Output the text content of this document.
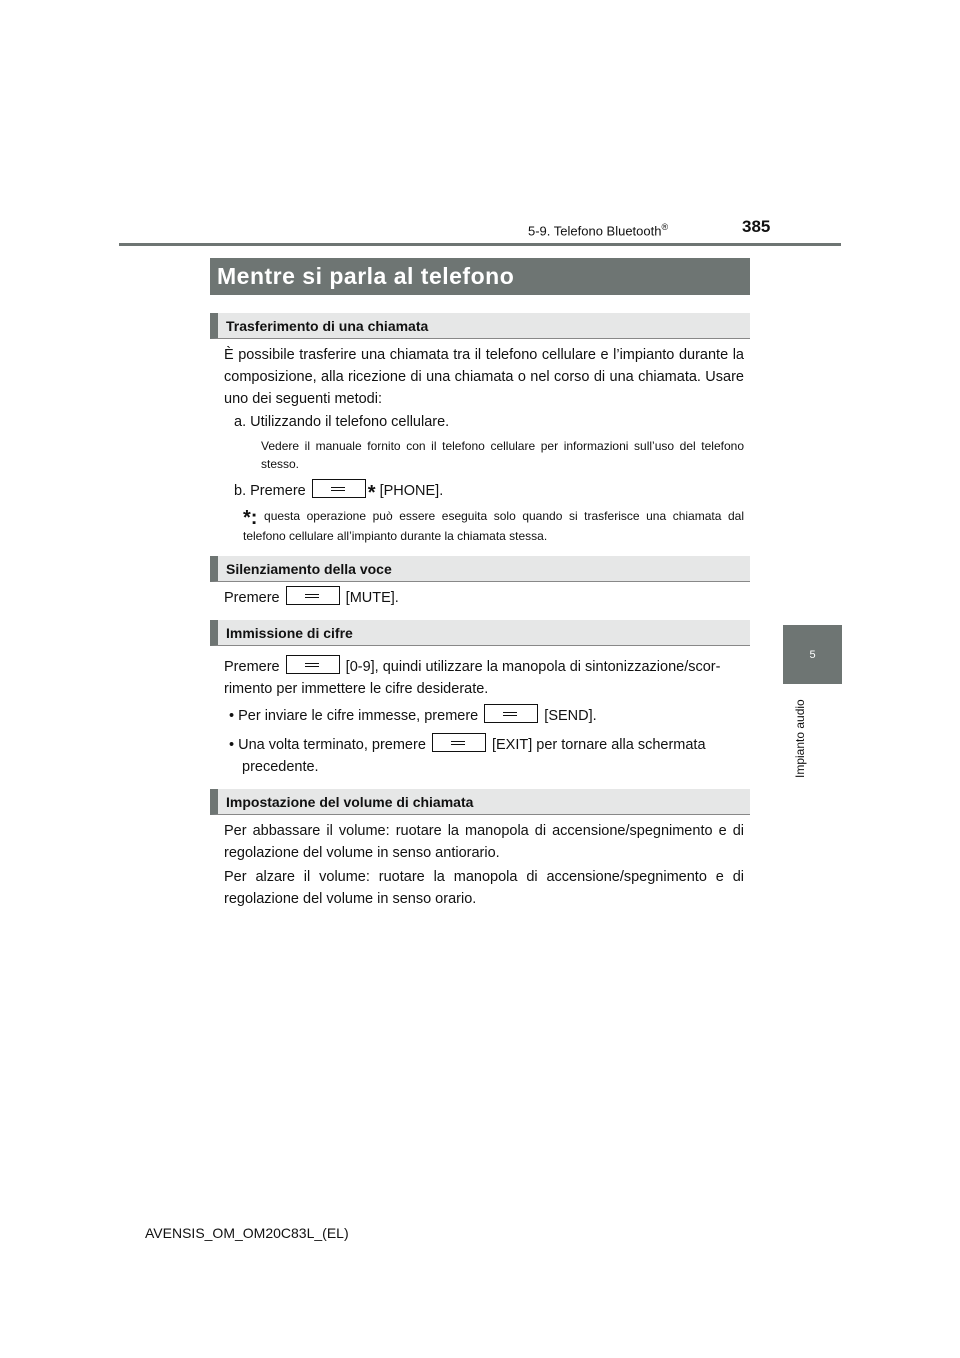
5-9. Telefono Bluetooth®	385
5
Impianto audio
Mentre si parla al telefono
Trasferimento di una chiamata
È possibile trasferire una chiamata tra il telefono cellulare e l’impianto durante la composizione, alla ricezione di una chiamata o nel corso di una chiamata. Usare uno dei seguenti metodi:
a. Utilizzando il telefono cellulare.
Vedere il manuale fornito con il telefono cellulare per informazioni sull’uso del telefono stesso.
b. Premere	* [PHONE].
*: questa operazione può essere eseguita solo quando si trasferisce una chiamata dal telefono cellulare all’impianto durante la chiamata stessa.
Silenziamento della voce
Premere	[MUTE].
Immissione di cifre
Premere	[0-9], quindi utilizzare la manopola di sintonizzazione/scor-
rimento per immettere le cifre desiderate.
• Per inviare le cifre immesse, premere	[SEND].
• Una volta terminato, premere	[EXIT] per tornare alla schermata
precedente.
Impostazione del volume di chiamata
Per abbassare il volume: ruotare la manopola di accensione/spegnimento e di regolazione del volume in senso antiorario.
Per alzare il volume: ruotare la manopola di accensione/spegnimento e di regolazione del volume in senso orario.
AVENSIS_OM_OM20C83L_(EL)
